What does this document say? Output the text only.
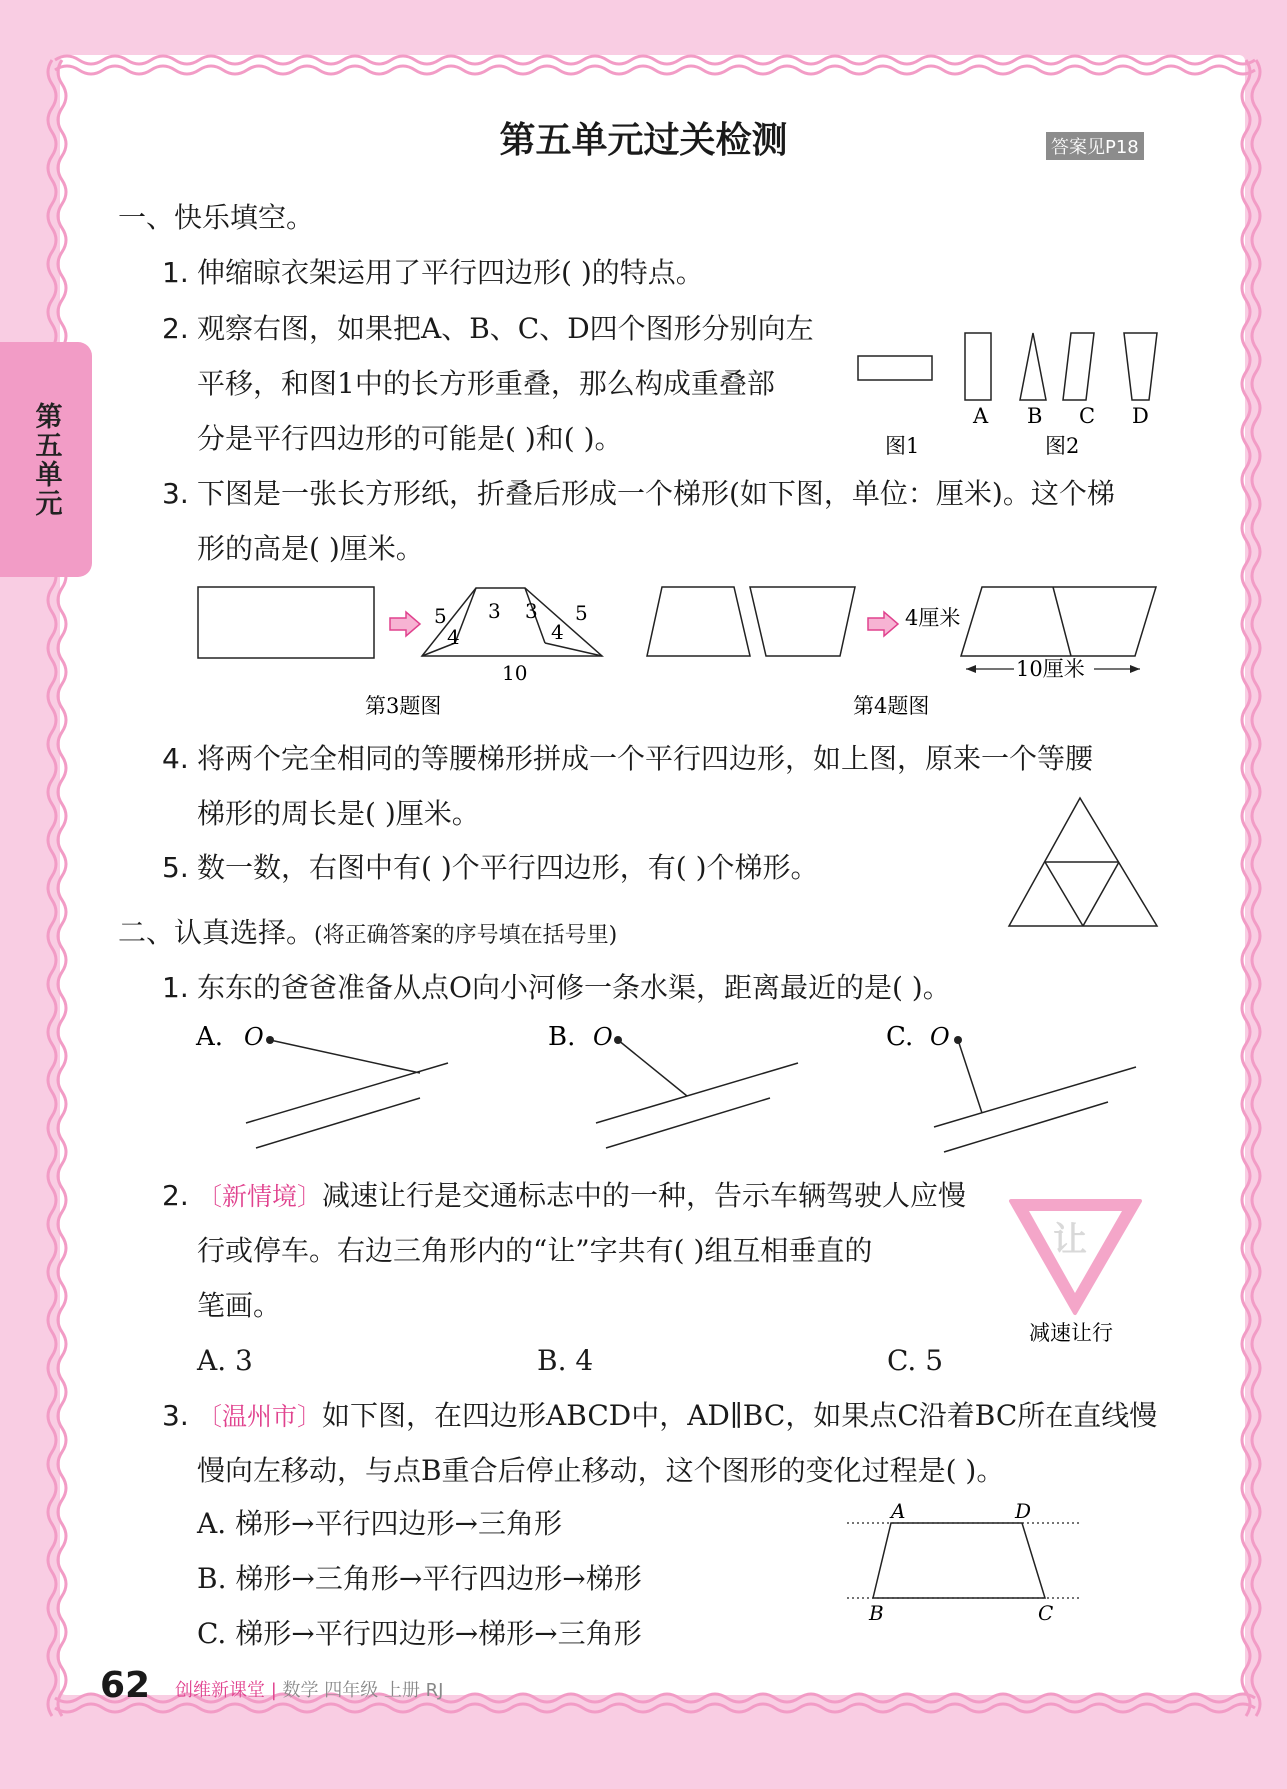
第五单元
第五单元过关检测	答案见P18
一、快乐填空。
1. 伸缩晾衣架运用了平行四边形( )的特点。
2. 观察右图，如果把A、B、C、D四个图形分别向左
平移，和图1中的长方形重叠，那么构成重叠部
分是平行四边形的可能是( )和( )。
A B C D
图1	图2
3. 下图是一张长方形纸，折叠后形成一个梯形(如下图，单位：厘米)。这个梯
形的高是( )厘米。
5 3
4
3
4
5
10
第3题图
4厘米
10厘米
第4题图
4. 将两个完全相同的等腰梯形拼成一个平行四边形，如上图，原来一个等腰
梯形的周长是( )厘米。
5. 数一数，右图中有( )个平行四边形，有( )个梯形。
二、认真选择。(将正确答案的序号填在括号里)
1. 东东的爸爸准备从点O向小河修一条水渠，距离最近的是( )。
A. O	B. O	C. O
2. 〔新情境〕减速让行是交通标志中的一种，告示车辆驾驶人应慢
行或停车。右边三角形内的“让”字共有( )组互相垂直的
笔画。
A. 3	B. 4	C. 5
让
减速让行
3. 〔温州市〕如下图，在四边形ABCD中，AD∥BC，如果点C沿着BC所在直线慢
慢向左移动，与点B重合后停止移动，这个图形的变化过程是( )。
A. 梯形→平行四边形→三角形
B. 梯形→三角形→平行四边形→梯形
C. 梯形→平行四边形→梯形→三角形
A	D
B	C
62 创维新课堂 | 数学 四年级 上册 RJ
